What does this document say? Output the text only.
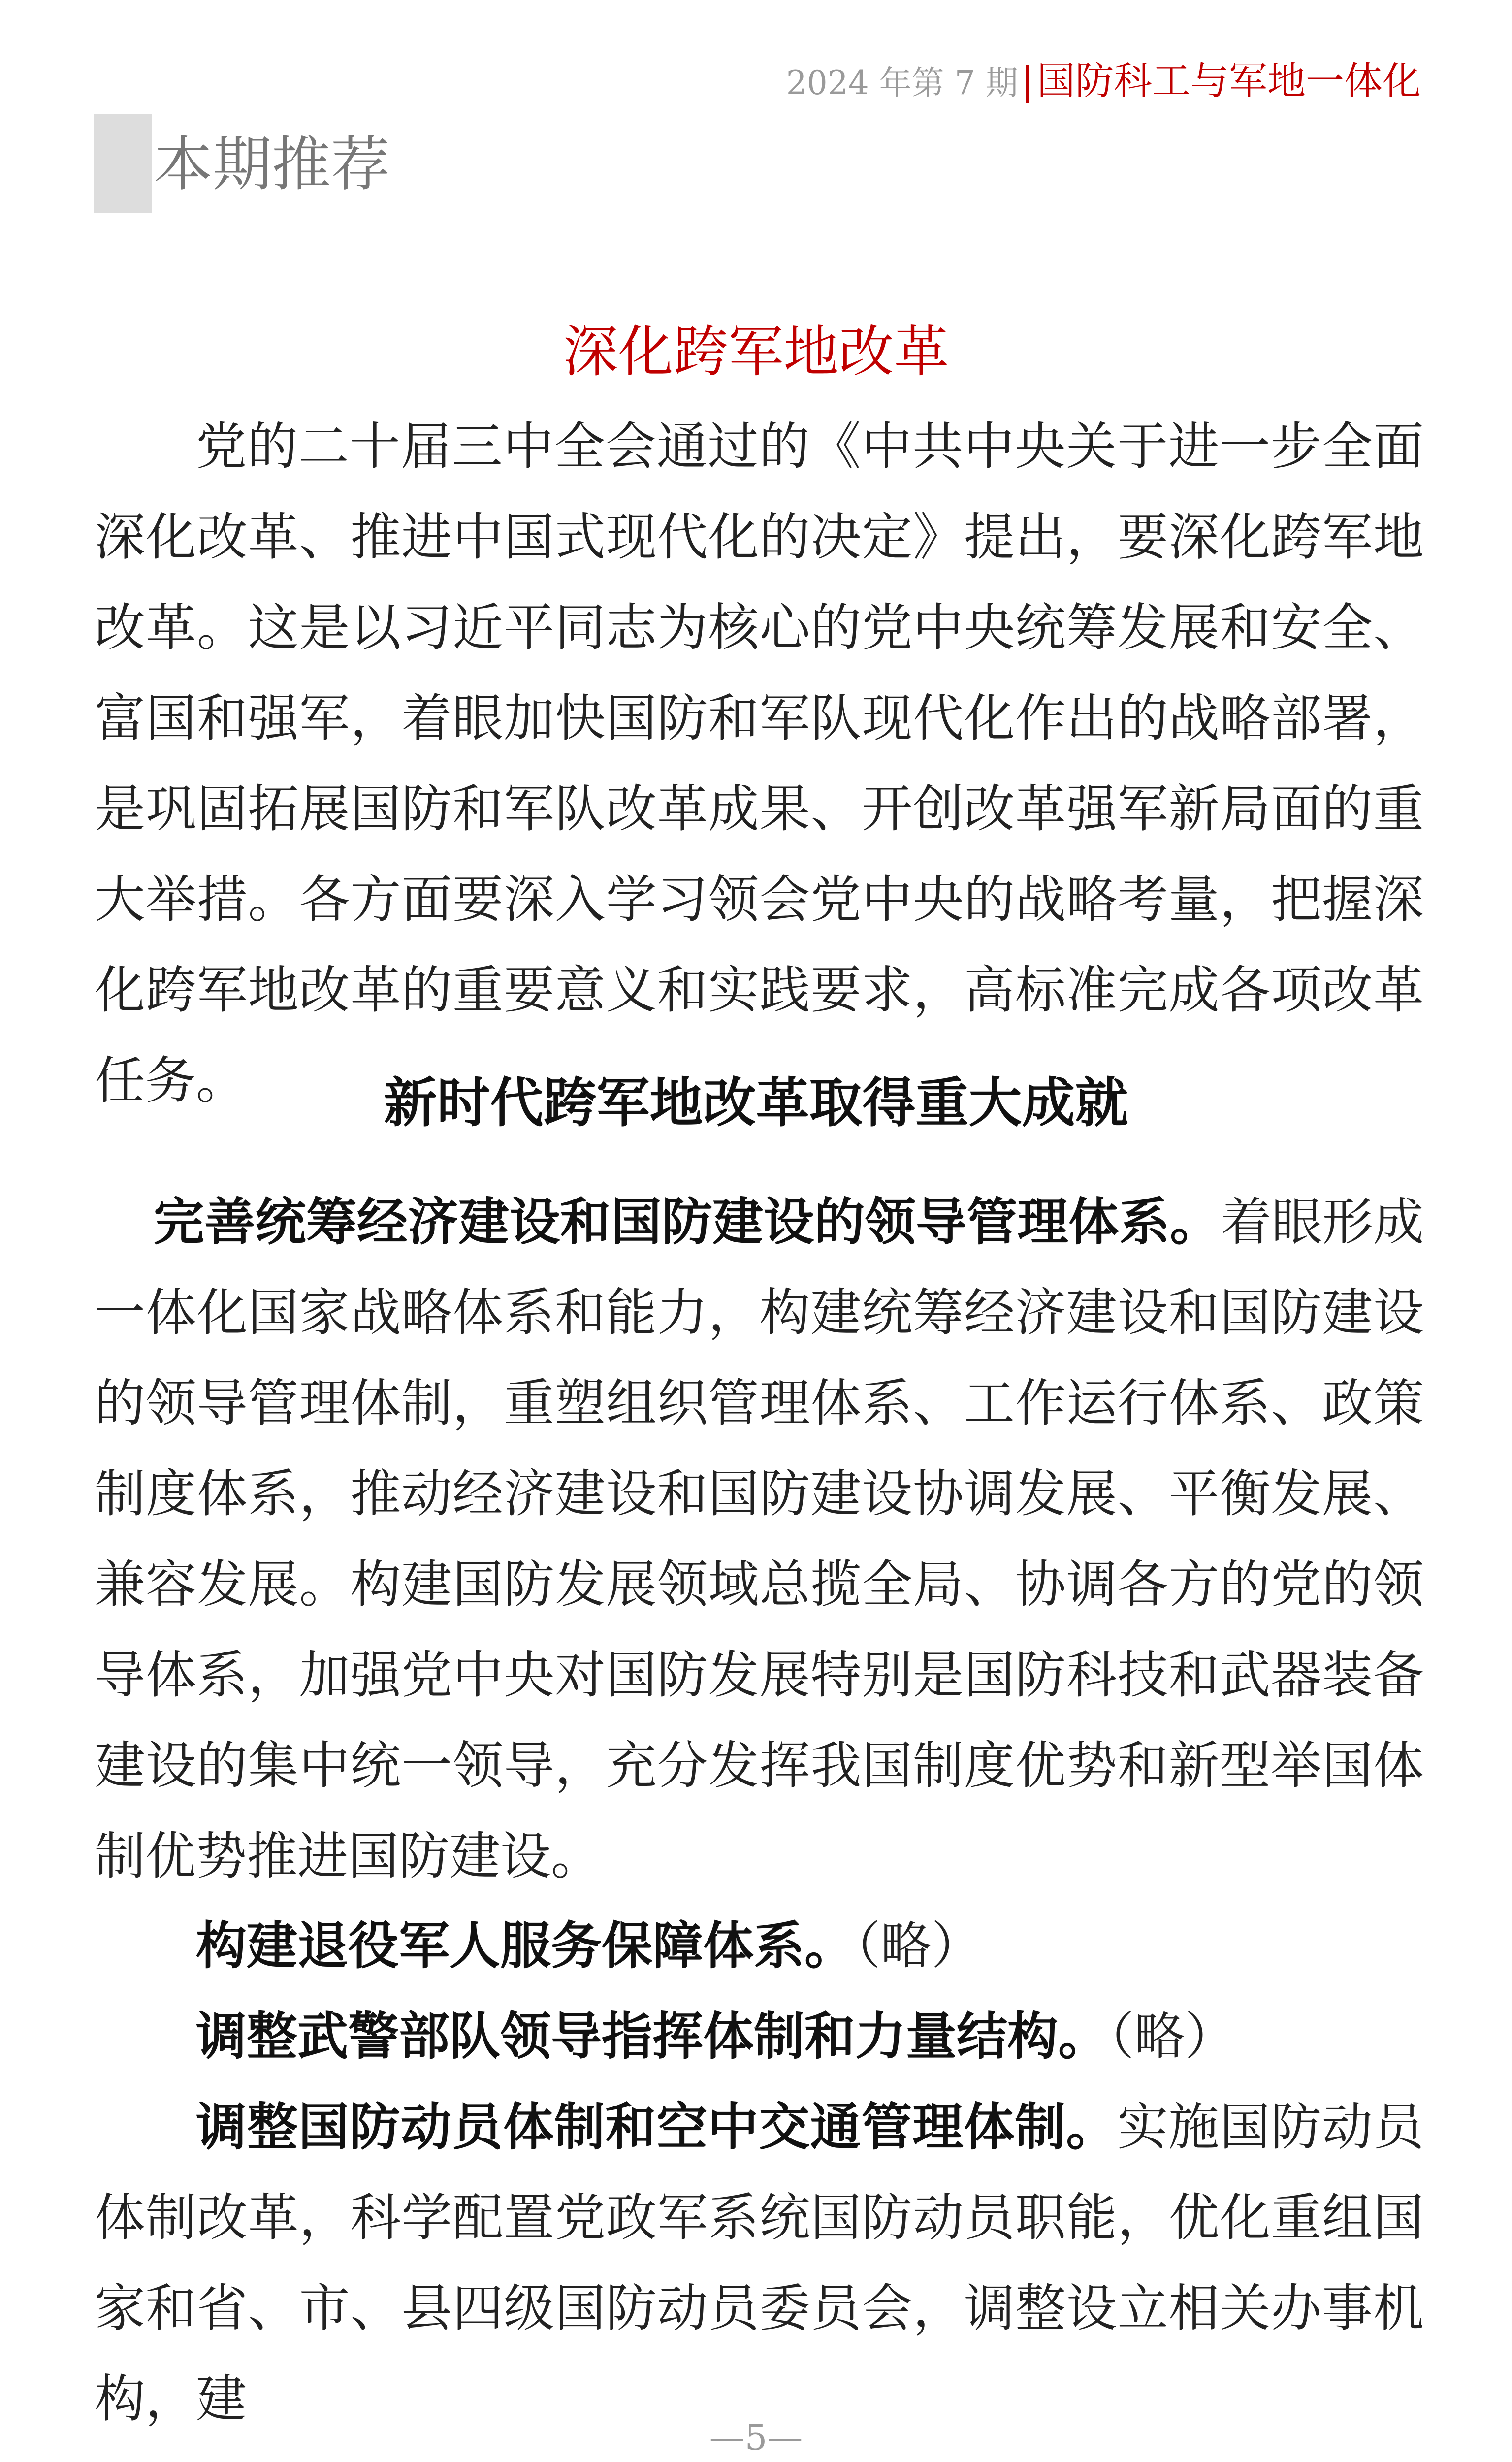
2024 年第 7 期|国防科工与军地一体化
本期推荐
深化跨军地改革

党的二十届三中全会通过的《中共中央关于进一步全面深化改革、推进中国式现代化的决定》提出，要深化跨军地改革。这是以习近平同志为核心的党中央统筹发展和安全、富国和强军，着眼加快国防和军队现代化作出的战略部署，是巩固拓展国防和军队改革成果、开创改革强军新局面的重大举措。各方面要深入学习领会党中央的战略考量，把握深化跨军地改革的重要意义和实践要求，高标准完成各项改革任务。	新时代跨军地改革取得重大成就

完善统筹经济建设和国防建设的领导管理体系。着眼形成一体化国家战略体系和能力，构建统筹经济建设和国防建设的领导管理体制，重塑组织管理体系、工作运行体系、政策制度体系，推动经济建设和国防建设协调发展、平衡发展、兼容发展。构建国防发展领域总揽全局、协调各方的党的领导体系，加强党中央对国防发展特别是国防科技和武器装备建设的集中统一领导，充分发挥我国制度优势和新型举国体制优势推进国防建设。

构建退役军人服务保障体系。（略）

调整武警部队领导指挥体制和力量结构。（略）

调整国防动员体制和空中交通管理体制。实施国防动员体制改革，科学配置党政军系统国防动员职能，优化重组国家和省、市、县四级国防动员委员会，调整设立相关办事机构，建

—5—
